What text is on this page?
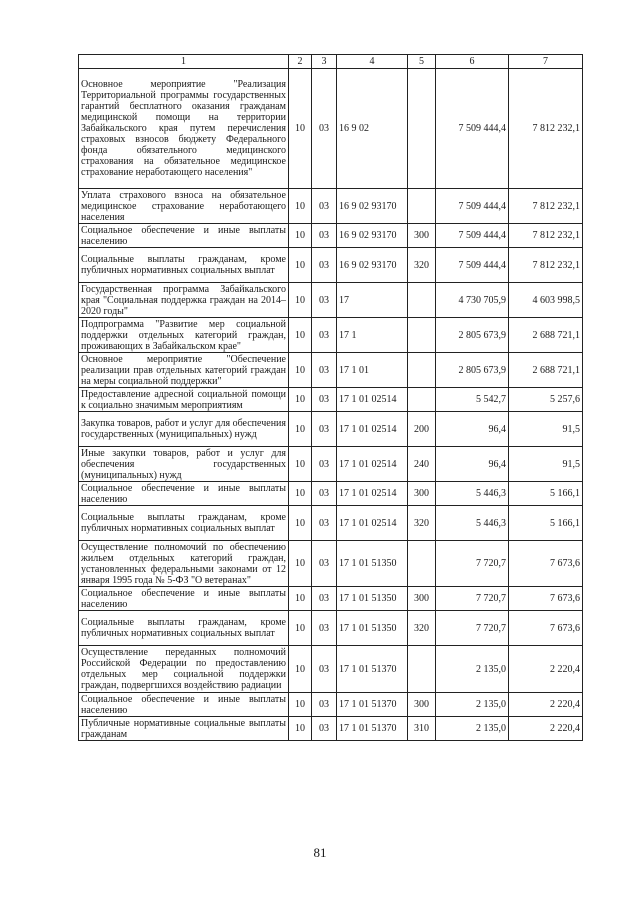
1	2	3	4	5	6	7
Основное мероприятие "Реализация Территориальной программы государственных гарантий бесплатного оказания гражданам медицинской помощи на территории Забайкальского края путем перечисления страховых взносов бюджету Федерального фонда обязательного медицинского страхования на обязательное медицинское страхование неработающего населения"	10	03	16 9 02		7 509 444,4	7 812 232,1
Уплата страхового взноса на обязательное медицинское страхование неработающего населения	10	03	16 9 02 93170		7 509 444,4	7 812 232,1
Социальное обеспечение и иные выплаты населению	10	03	16 9 02 93170	300	7 509 444,4	7 812 232,1
Социальные выплаты гражданам, кроме публичных нормативных социальных выплат	10	03	16 9 02 93170	320	7 509 444,4	7 812 232,1
Государственная программа Забайкальского края "Социальная поддержка граждан на 2014–2020 годы"	10	03	17		4 730 705,9	4 603 998,5
Подпрограмма "Развитие мер социальной поддержки отдельных категорий граждан, проживающих в Забайкальском крае"	10	03	17 1		2 805 673,9	2 688 721,1
Основное мероприятие "Обеспечение реализации прав отдельных категорий граждан на меры социальной поддержки"	10	03	17 1 01		2 805 673,9	2 688 721,1
Предоставление адресной социальной помощи к социально значимым мероприятиям	10	03	17 1 01 02514		5 542,7	5 257,6
Закупка товаров, работ и услуг для обеспечения государственных (муниципальных) нужд	10	03	17 1 01 02514	200	96,4	91,5
Иные закупки товаров, работ и услуг для обеспечения государственных (муниципальных) нужд	10	03	17 1 01 02514	240	96,4	91,5
Социальное обеспечение и иные выплаты населению	10	03	17 1 01 02514	300	5 446,3	5 166,1
Социальные выплаты гражданам, кроме публичных нормативных социальных выплат	10	03	17 1 01 02514	320	5 446,3	5 166,1
Осуществление полномочий по обеспечению жильем отдельных категорий граждан, установленных федеральными законами от 12 января 1995 года № 5-ФЗ "О ветеранах"	10	03	17 1 01 51350		7 720,7	7 673,6
Социальное обеспечение и иные выплаты населению	10	03	17 1 01 51350	300	7 720,7	7 673,6
Социальные выплаты гражданам, кроме публичных нормативных социальных выплат	10	03	17 1 01 51350	320	7 720,7	7 673,6
Осуществление переданных полномочий Российской Федерации по предоставлению отдельных мер социальной поддержки граждан, подвергшихся воздействию радиации	10	03	17 1 01 51370		2 135,0	2 220,4
Социальное обеспечение и иные выплаты населению	10	03	17 1 01 51370	300	2 135,0	2 220,4
Публичные нормативные социальные выплаты гражданам	10	03	17 1 01 51370	310	2 135,0	2 220,4
81
